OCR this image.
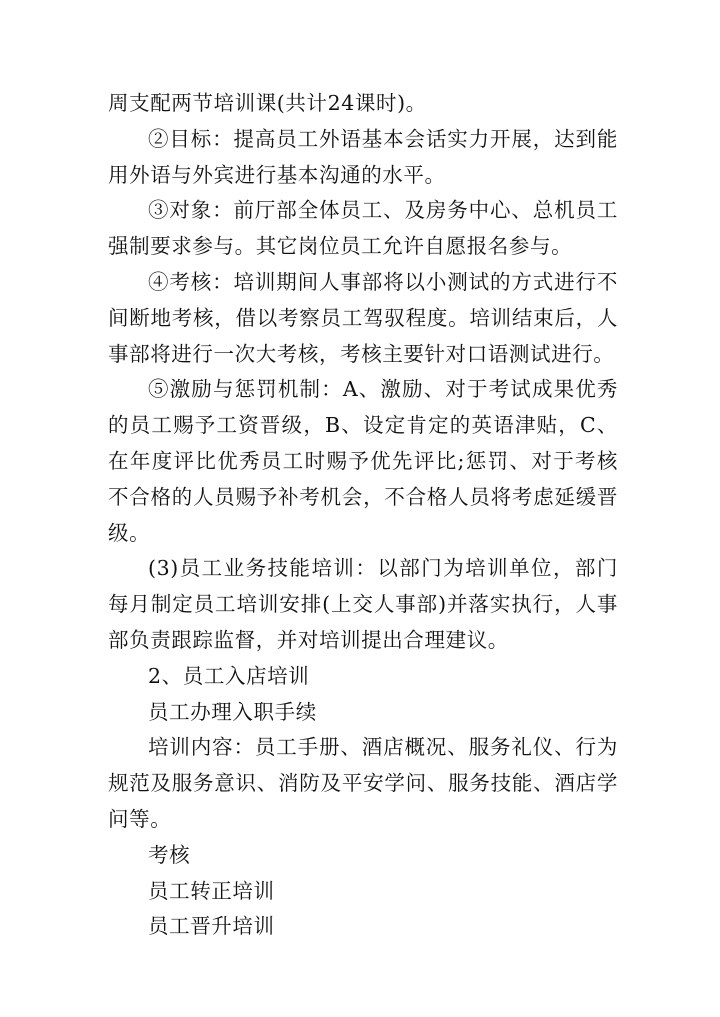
周支配两节培训课(共计24课时)。

②目标：提高员工外语基本会话实力开展，达到能用外语与外宾进行基本沟通的水平。

③对象：前厅部全体员工、及房务中心、总机员工强制要求参与。其它岗位员工允许自愿报名参与。

④考核：培训期间人事部将以小测试的方式进行不间断地考核，借以考察员工驾驭程度。培训结束后，人事部将进行一次大考核，考核主要针对口语测试进行。

⑤激励与惩罚机制：A、激励、对于考试成果优秀的员工赐予工资晋级，B、设定肯定的英语津贴，C、在年度评比优秀员工时赐予优先评比;惩罚、对于考核不合格的人员赐予补考机会，不合格人员将考虑延缓晋级。

(3)员工业务技能培训：以部门为培训单位，部门每月制定员工培训安排(上交人事部)并落实执行，人事部负责跟踪监督，并对培训提出合理建议。

2、员工入店培训

员工办理入职手续

培训内容：员工手册、酒店概况、服务礼仪、行为规范及服务意识、消防及平安学问、服务技能、酒店学问等。

考核

员工转正培训

员工晋升培训
